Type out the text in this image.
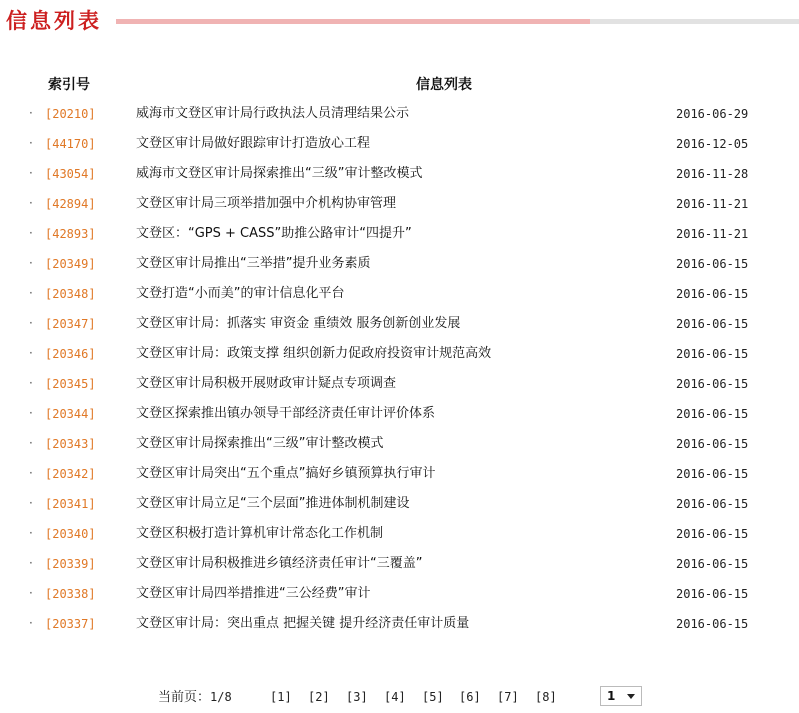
信息列表
索引号	信息列表
· [20210]	威海市文登区审计局行政执法人员清理结果公示	2016-06-29
· [44170]	文登区审计局做好跟踪审计打造放心工程	2016-12-05
· [43054]	威海市文登区审计局探索推出“三级”审计整改模式	2016-11-28
· [42894]	文登区审计局三项举措加强中介机构协审管理	2016-11-21
· [42893]	文登区：“GPS + CASS”助推公路审计“四提升”	2016-11-21
· [20349]	文登区审计局推出“三举措”提升业务素质	2016-06-15
· [20348]	文登打造“小而美”的审计信息化平台	2016-06-15
· [20347]	文登区审计局：抓落实 审资金 重绩效 服务创新创业发展	2016-06-15
· [20346]	文登区审计局：政策支撑 组织创新力促政府投资审计规范高效	2016-06-15
· [20345]	文登区审计局积极开展财政审计疑点专项调查	2016-06-15
· [20344]	文登区探索推出镇办领导干部经济责任审计评价体系	2016-06-15
· [20343]	文登区审计局探索推出“三级”审计整改模式	2016-06-15
· [20342]	文登区审计局突出“五个重点”搞好乡镇预算执行审计	2016-06-15
· [20341]	文登区审计局立足“三个层面”推进体制机制建设	2016-06-15
· [20340]	文登区积极打造计算机审计常态化工作机制	2016-06-15
· [20339]	文登区审计局积极推进乡镇经济责任审计“三覆盖”	2016-06-15
· [20338]	文登区审计局四举措推进“三公经费”审计	2016-06-15
· [20337]	文登区审计局：突出重点 把握关键 提升经济责任审计质量	2016-06-15
当前页：1/8	[1] [2] [3] [4] [5] [6] [7] [8]	1
